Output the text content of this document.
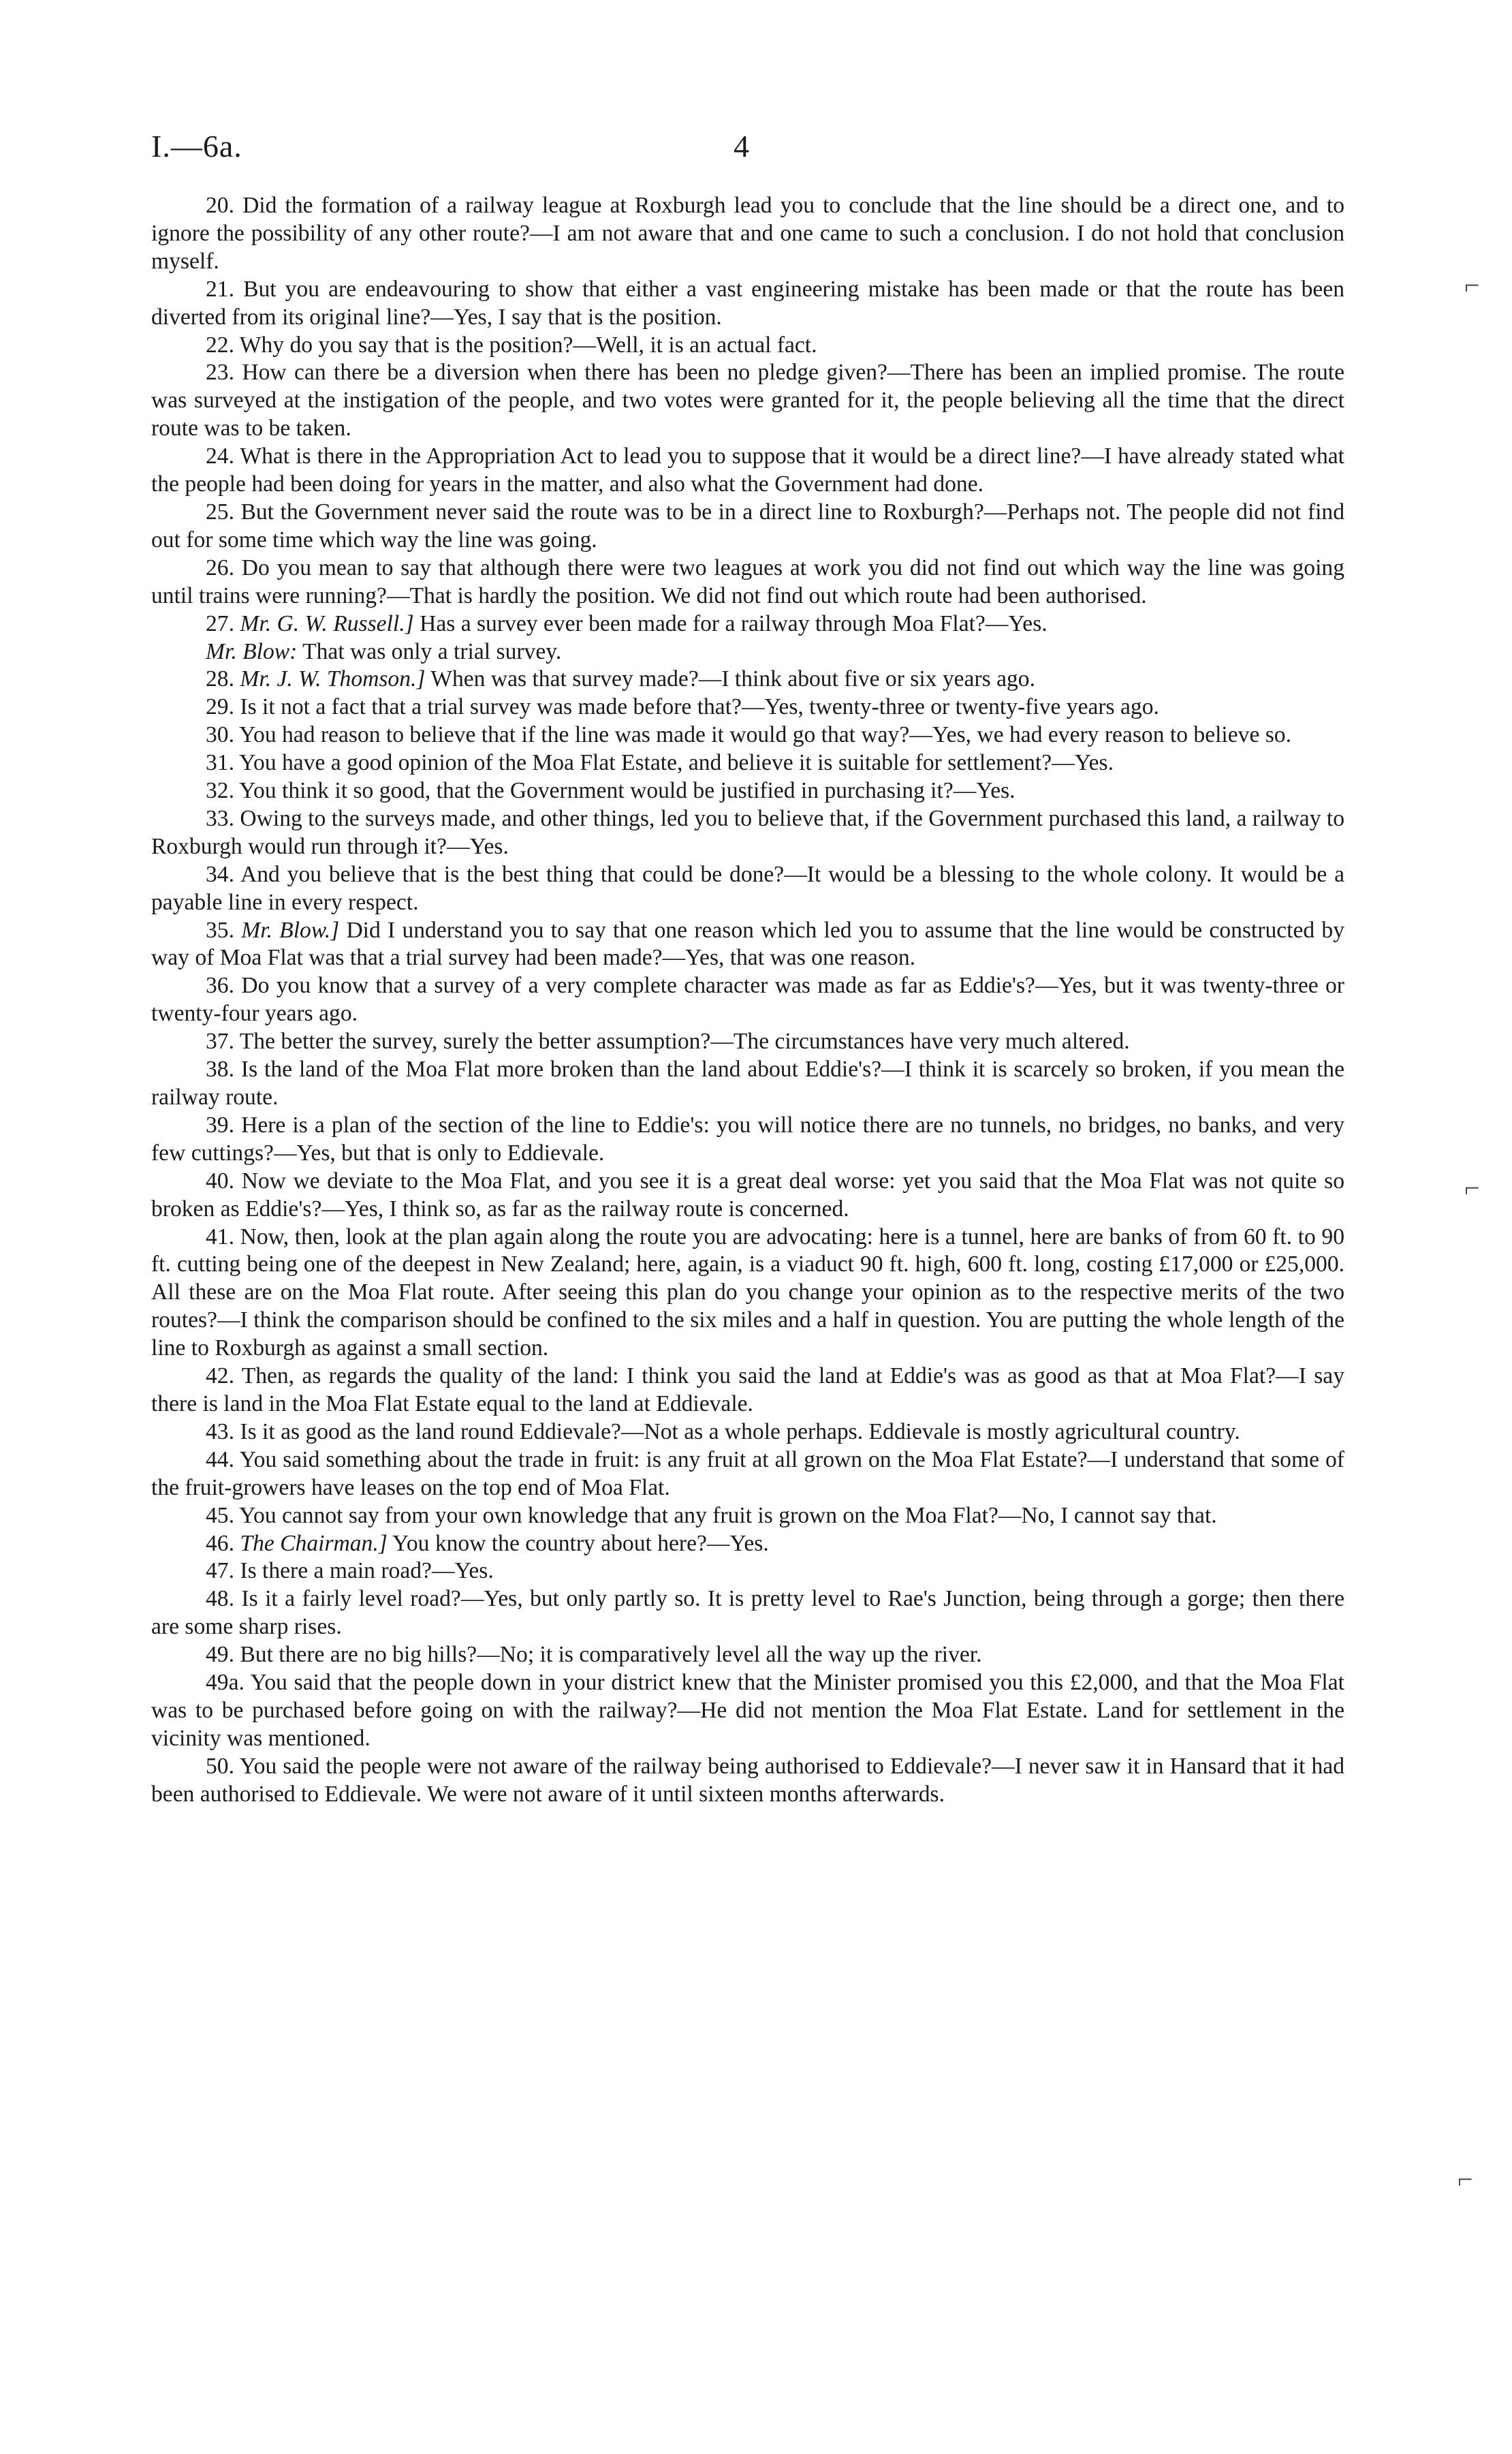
I.—6a.	4

20. Did the formation of a railway league at Roxburgh lead you to conclude that the line should be a direct one, and to ignore the possibility of any other route?—I am not aware that and one came to such a conclusion. I do not hold that conclusion myself.

21. But you are endeavouring to show that either a vast engineering mistake has been made or that the route has been diverted from its original line?—Yes, I say that is the position.

22. Why do you say that is the position?—Well, it is an actual fact.

23. How can there be a diversion when there has been no pledge given?—There has been an implied promise. The route was surveyed at the instigation of the people, and two votes were granted for it, the people believing all the time that the direct route was to be taken.

24. What is there in the Appropriation Act to lead you to suppose that it would be a direct line?—I have already stated what the people had been doing for years in the matter, and also what the Government had done.

25. But the Government never said the route was to be in a direct line to Roxburgh?—Perhaps not. The people did not find out for some time which way the line was going.

26. Do you mean to say that although there were two leagues at work you did not find out which way the line was going until trains were running?—That is hardly the position. We did not find out which route had been authorised.

27. Mr. G. W. Russell.] Has a survey ever been made for a railway through Moa Flat?—Yes.

Mr. Blow: That was only a trial survey.

28. Mr. J. W. Thomson.] When was that survey made?—I think about five or six years ago.

29. Is it not a fact that a trial survey was made before that?—Yes, twenty-three or twenty-five years ago.

30. You had reason to believe that if the line was made it would go that way?—Yes, we had every reason to believe so.

31. You have a good opinion of the Moa Flat Estate, and believe it is suitable for settlement?—Yes.

32. You think it so good, that the Government would be justified in purchasing it?—Yes.

33. Owing to the surveys made, and other things, led you to believe that, if the Government purchased this land, a railway to Roxburgh would run through it?—Yes.

34. And you believe that is the best thing that could be done?—It would be a blessing to the whole colony. It would be a payable line in every respect.

35. Mr. Blow.] Did I understand you to say that one reason which led you to assume that the line would be constructed by way of Moa Flat was that a trial survey had been made?—Yes, that was one reason.

36. Do you know that a survey of a very complete character was made as far as Eddie's?—Yes, but it was twenty-three or twenty-four years ago.

37. The better the survey, surely the better assumption?—The circumstances have very much altered.

38. Is the land of the Moa Flat more broken than the land about Eddie's?—I think it is scarcely so broken, if you mean the railway route.

39. Here is a plan of the section of the line to Eddie's: you will notice there are no tunnels, no bridges, no banks, and very few cuttings?—Yes, but that is only to Eddievale.

40. Now we deviate to the Moa Flat, and you see it is a great deal worse: yet you said that the Moa Flat was not quite so broken as Eddie's?—Yes, I think so, as far as the railway route is concerned.

41. Now, then, look at the plan again along the route you are advocating: here is a tunnel, here are banks of from 60 ft. to 90 ft. cutting being one of the deepest in New Zealand; here, again, is a viaduct 90 ft. high, 600 ft. long, costing £17,000 or £25,000. All these are on the Moa Flat route. After seeing this plan do you change your opinion as to the respective merits of the two routes?—I think the comparison should be confined to the six miles and a half in question. You are putting the whole length of the line to Roxburgh as against a small section.

42. Then, as regards the quality of the land: I think you said the land at Eddie's was as good as that at Moa Flat?—I say there is land in the Moa Flat Estate equal to the land at Eddievale.

43. Is it as good as the land round Eddievale?—Not as a whole perhaps. Eddievale is mostly agricultural country.

44. You said something about the trade in fruit: is any fruit at all grown on the Moa Flat Estate?—I understand that some of the fruit-growers have leases on the top end of Moa Flat.

45. You cannot say from your own knowledge that any fruit is grown on the Moa Flat?—No, I cannot say that.

46. The Chairman.] You know the country about here?—Yes.

47. Is there a main road?—Yes.

48. Is it a fairly level road?—Yes, but only partly so. It is pretty level to Rae's Junction, being through a gorge; then there are some sharp rises.

49. But there are no big hills?—No; it is comparatively level all the way up the river.

49a. You said that the people down in your district knew that the Minister promised you this £2,000, and that the Moa Flat was to be purchased before going on with the railway?—He did not mention the Moa Flat Estate. Land for settlement in the vicinity was mentioned.

50. You said the people were not aware of the railway being authorised to Eddievale?—I never saw it in Hansard that it had been authorised to Eddievale. We were not aware of it until sixteen months afterwards.

⌐
⌐
⌐
